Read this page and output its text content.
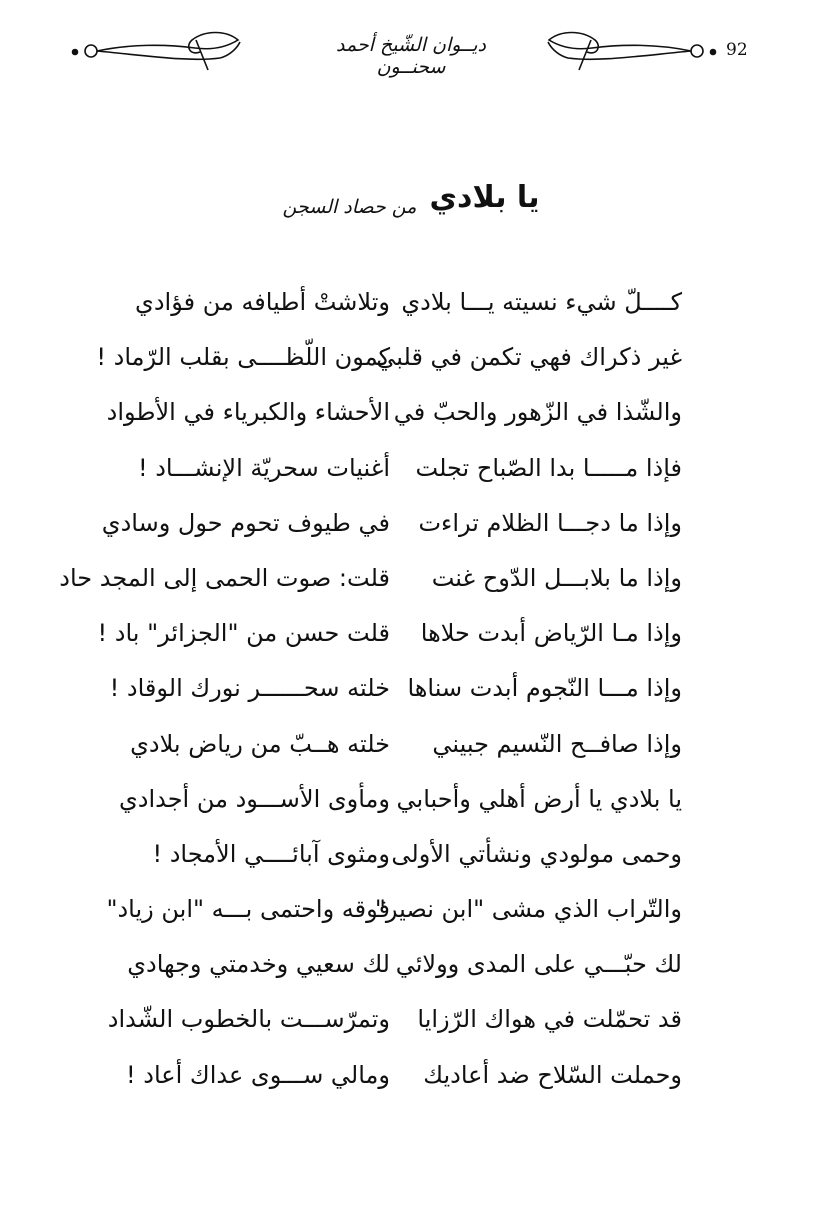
92
ديــوان الشّيخ أحمد سحنــون
يا بلادي من حصاد السجن
كــــلّ شيء نسيته يـــا بلادي
وتلاشتْ أطيافه من فؤادي
غير ذكراك فهي تكمن في قلبي
كمون اللّظــــى بقلب الرّماد !
والشّذا في الزّهور والحبّ في
الأحشاء والكبرياء في الأطواد
فإذا مـــــا بدا الصّباح تجلت
أغنيات سحريّة الإنشـــاد !
وإذا ما دجـــا الظلام تراءت
في طيوف تحوم حول وسادي
وإذا ما بلابـــل الدّوح غنت
قلت: صوت الحمى إلى المجد حاد
وإذا مـا الرّياض أبدت حلاها
قلت حسن من "الجزائر" باد !
وإذا مـــا النّجوم أبدت سناها
خلته سحــــــر نورك الوقاد !
وإذا صافــح النّسيم جبيني
خلته هــبّ من رياض بلادي
يا بلادي يا أرض أهلي وأحبابي
ومأوى الأســـود من أجدادي
وحمى مولودي ونشأتي الأولى
ومثوى آبائــــي الأمجاد !
والتّراب الذي مشى "ابن نصير"
فوقه واحتمى بـــه "ابن زياد"
لك حبّـــي على المدى وولائي
لك سعيي وخدمتي وجهادي
قد تحمّلت في هواك الرّزايا
وتمرّســـت بالخطوب الشّداد
وحملت السّلاح ضد أعاديك
ومالي ســـوى عداك أعاد !
